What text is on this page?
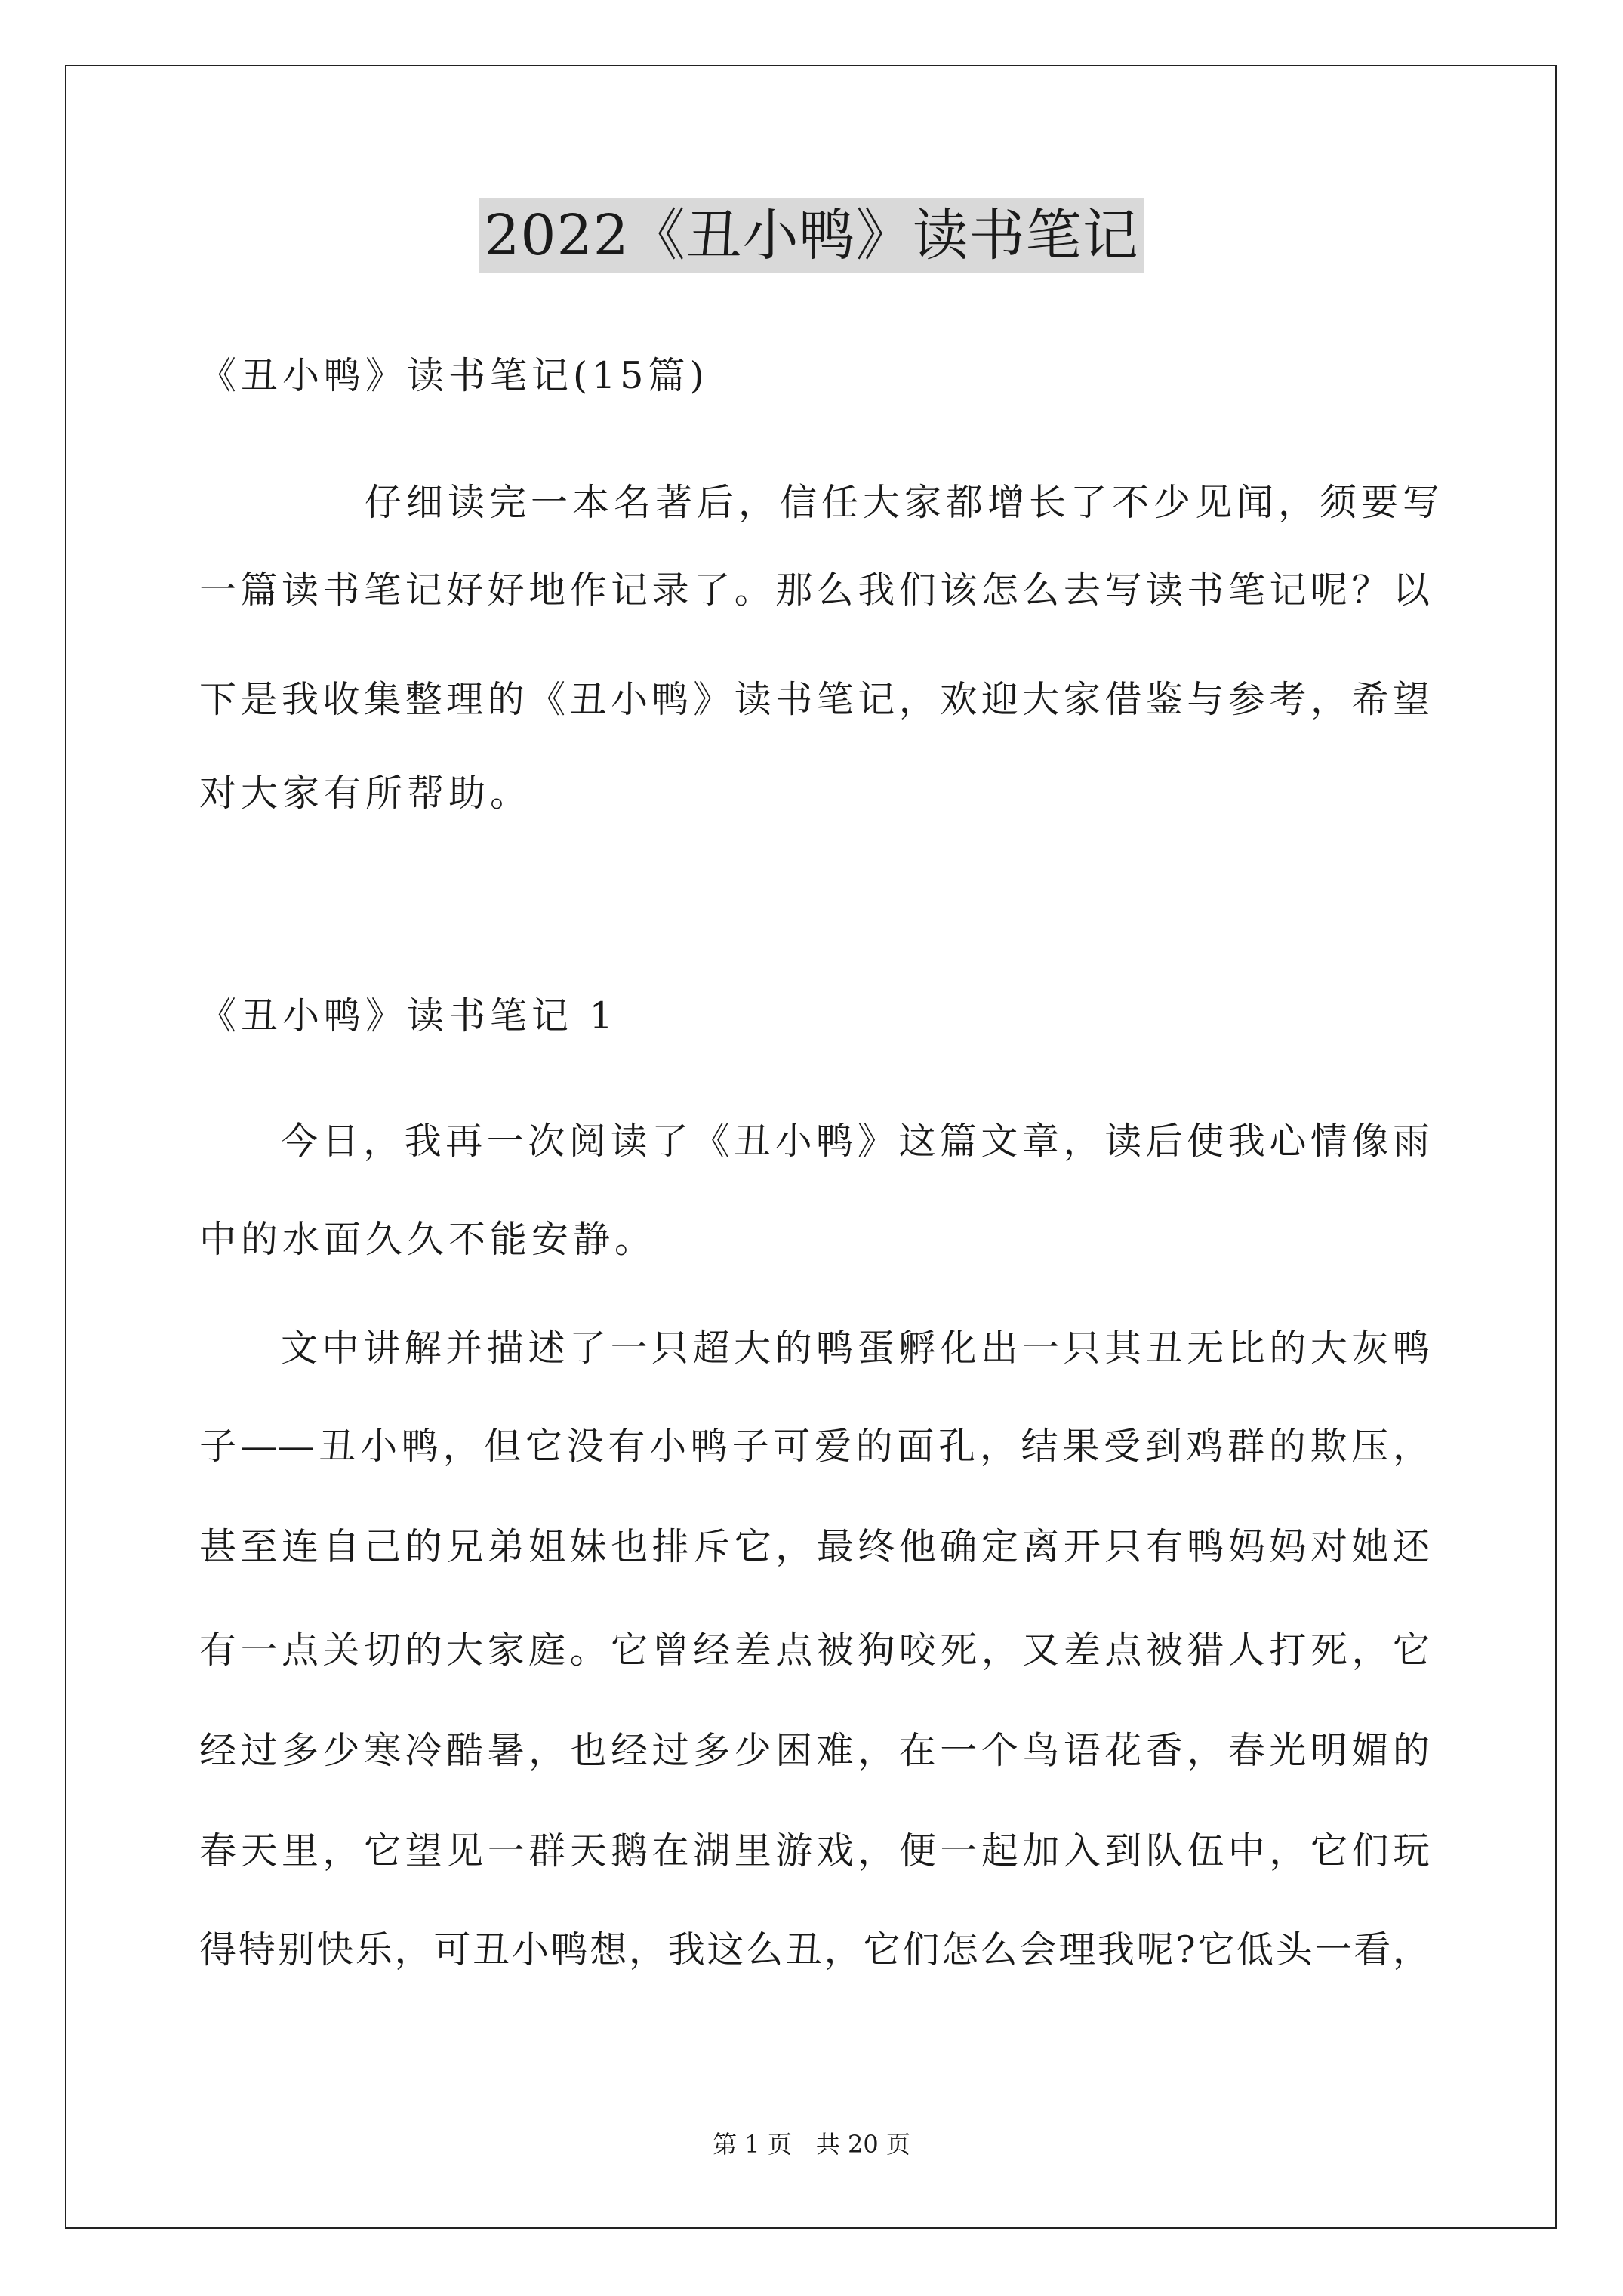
2022《丑小鸭》读书笔记
《丑小鸭》读书笔记(15篇)
仔细读完一本名著后，信任大家都增长了不少见闻，须要写
一篇读书笔记好好地作记录了。那么我们该怎么去写读书笔记呢？以
下是我收集整理的《丑小鸭》读书笔记，欢迎大家借鉴与参考，希望
对大家有所帮助。
《丑小鸭》读书笔记 1
今日，我再一次阅读了《丑小鸭》这篇文章，读后使我心情像雨
中的水面久久不能安静。
文中讲解并描述了一只超大的鸭蛋孵化出一只其丑无比的大灰鸭
子——丑小鸭，但它没有小鸭子可爱的面孔，结果受到鸡群的欺压，
甚至连自己的兄弟姐妹也排斥它，最终他确定离开只有鸭妈妈对她还
有一点关切的大家庭。它曾经差点被狗咬死，又差点被猎人打死，它
经过多少寒冷酷暑，也经过多少困难，在一个鸟语花香，春光明媚的
春天里，它望见一群天鹅在湖里游戏，便一起加入到队伍中，它们玩
得特别快乐，可丑小鸭想，我这么丑，它们怎么会理我呢?它低头一看，
第 1 页　共 20 页
